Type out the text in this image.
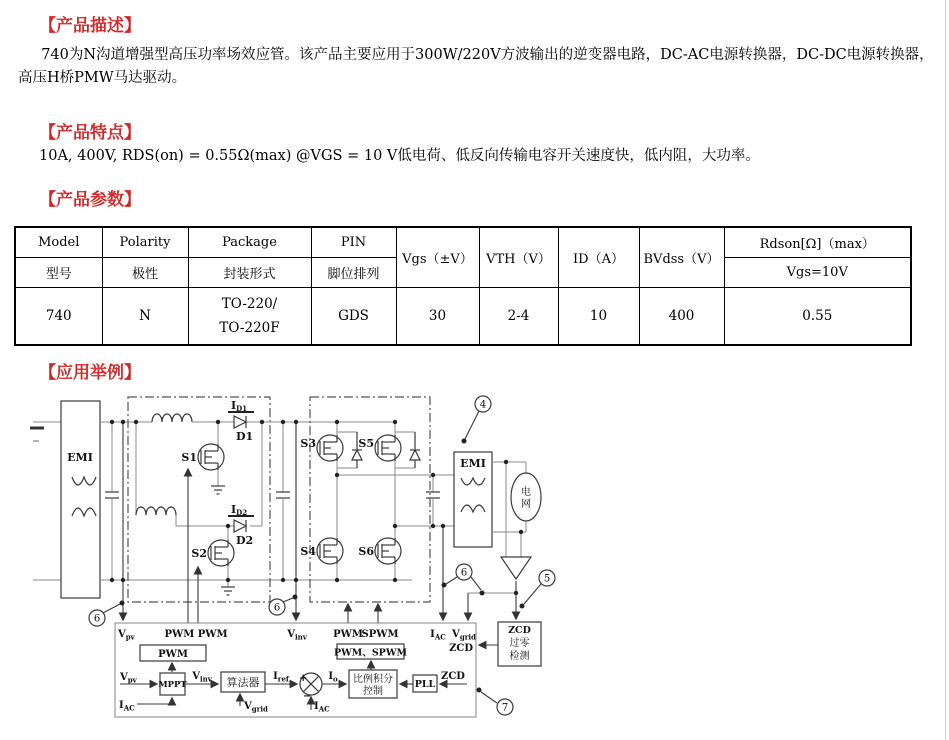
【产品描述】
740为N沟道增强型高压功率场效应管。该产品主要应用于300W/220V方波输出的逆变器电路，DC-AC电源转换器，DC-DC电源转换器，高压H桥PMW马达驱动。
【产品特点】
10A, 400V, RDS(on) = 0.55Ω(max) @VGS = 10 V低电荷、低反向传输电容开关速度快，低内阻，大功率。
【产品参数】
Model	Polarity	Package	PIN	Vgs（±V）	VTH（V）	ID（A）	BVdss（V）	Rdson[Ω]（max）
型号	极性	封装形式	脚位排列					Vgs=10V
740	N	TO-220/
TO-220F	GDS	30	2-4	10	400	0.55
【应用举例】
EMI
ID1
D1
ID2
D2
S1
S2
S3	S5
S4	S6
EMI
电
网
4
6
6
6
5
7
$V_{pv}$	PWM PWM	$V_{inv}$	PWM
SPWM	$I_{AC}$ $V_{grid}$
ZCD
PWM
MPPT
$V_{pv}$
$I_{AC}$
$V_{inv}$ 算法器
$V_{grid}$
$I_{ref}$ +
−
$I_{AC}$
$I_o$ 比例积分
控制
PWM、SPWM
PLL
ZCD
ZCD
过零
检测
